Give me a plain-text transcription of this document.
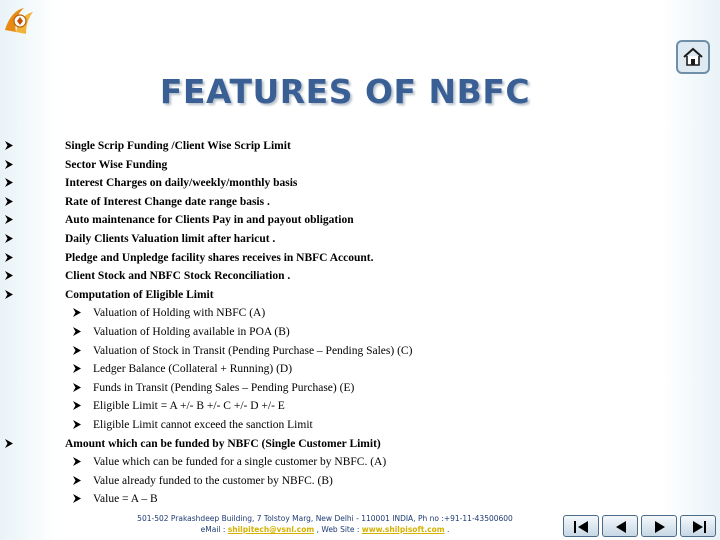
FEATURES OF NBFC
Single Scrip Funding /Client Wise Scrip Limit
Sector Wise Funding
Interest Charges on daily/weekly/monthly basis
Rate of Interest Change date range basis .
Auto maintenance for Clients Pay in and payout obligation
Daily Clients Valuation limit after haricut .
Pledge and Unpledge facility shares receives in NBFC Account.
Client Stock and NBFC Stock Reconciliation .
Computation of Eligible Limit
Valuation of Holding with NBFC (A)
Valuation of Holding available in POA (B)
Valuation of Stock in Transit (Pending Purchase – Pending Sales) (C)
Ledger Balance (Collateral + Running) (D)
Funds in Transit (Pending Sales – Pending Purchase) (E)
Eligible Limit = A +/- B +/- C +/- D +/- E
Eligible Limit cannot exceed the sanction Limit
Amount which can be funded by NBFC (Single Customer Limit)
Value which can be funded for a single customer by NBFC. (A)
Value already funded to the customer by NBFC. (B)
Value = A – B
501-502 Prakashdeep Building, 7 Tolstoy Marg, New Delhi - 110001 INDIA, Ph no :+91-11-43500600
eMail : shilpitech@vsnl.com , Web Site : www.shilpisoft.com .
